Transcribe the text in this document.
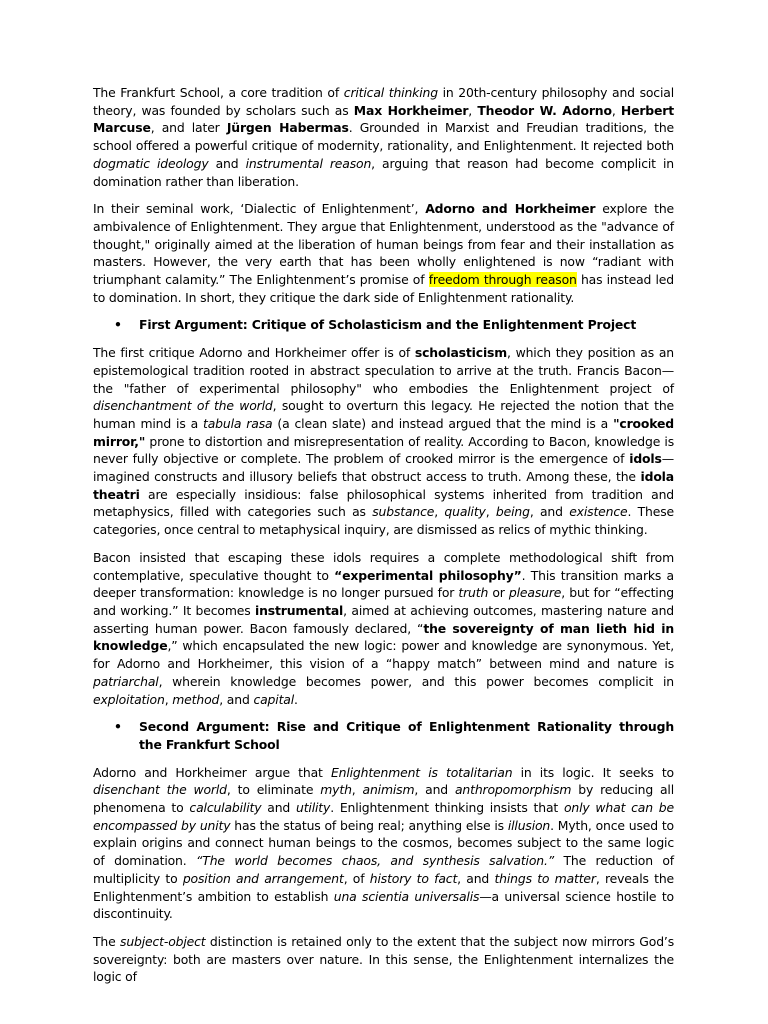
The Frankfurt School, a core tradition of critical thinking in 20th-century philosophy and social theory, was founded by scholars such as Max Horkheimer, Theodor W. Adorno, Herbert Marcuse, and later Jürgen Habermas. Grounded in Marxist and Freudian traditions, the school offered a powerful critique of modernity, rationality, and Enlightenment. It rejected both dogmatic ideology and instrumental reason, arguing that reason had become complicit in domination rather than liberation.

In their seminal work, ‘Dialectic of Enlightenment’, Adorno and Horkheimer explore the ambivalence of Enlightenment. They argue that Enlightenment, understood as the "advance of thought," originally aimed at the liberation of human beings from fear and their installation as masters. However, the very earth that has been wholly enlightened is now “radiant with triumphant calamity.” The Enlightenment’s promise of freedom through reason has instead led to domination. In short, they critique the dark side of Enlightenment rationality.

• First Argument: Critique of Scholasticism and the Enlightenment Project

The first critique Adorno and Horkheimer offer is of scholasticism, which they position as an epistemological tradition rooted in abstract speculation to arrive at the truth. Francis Bacon—the "father of experimental philosophy" who embodies the Enlightenment project of disenchantment of the world, sought to overturn this legacy. He rejected the notion that the human mind is a tabula rasa (a clean slate) and instead argued that the mind is a "crooked mirror," prone to distortion and misrepresentation of reality. According to Bacon, knowledge is never fully objective or complete. The problem of crooked mirror is the emergence of idols—imagined constructs and illusory beliefs that obstruct access to truth. Among these, the idola theatri are especially insidious: false philosophical systems inherited from tradition and metaphysics, filled with categories such as substance, quality, being, and existence. These categories, once central to metaphysical inquiry, are dismissed as relics of mythic thinking.

Bacon insisted that escaping these idols requires a complete methodological shift from contemplative, speculative thought to “experimental philosophy”. This transition marks a deeper transformation: knowledge is no longer pursued for truth or pleasure, but for “effecting and working.” It becomes instrumental, aimed at achieving outcomes, mastering nature and asserting human power. Bacon famously declared, “the sovereignty of man lieth hid in knowledge,” which encapsulated the new logic: power and knowledge are synonymous. Yet, for Adorno and Horkheimer, this vision of a “happy match” between mind and nature is patriarchal, wherein knowledge becomes power, and this power becomes complicit in exploitation, method, and capital.

• Second Argument: Rise and Critique of Enlightenment Rationality through the Frankfurt School

Adorno and Horkheimer argue that Enlightenment is totalitarian in its logic. It seeks to disenchant the world, to eliminate myth, animism, and anthropomorphism by reducing all phenomena to calculability and utility. Enlightenment thinking insists that only what can be encompassed by unity has the status of being real; anything else is illusion. Myth, once used to explain origins and connect human beings to the cosmos, becomes subject to the same logic of domination. “The world becomes chaos, and synthesis salvation.” The reduction of multiplicity to position and arrangement, of history to fact, and things to matter, reveals the Enlightenment’s ambition to establish una scientia universalis—a universal science hostile to discontinuity.

The subject-object distinction is retained only to the extent that the subject now mirrors God’s sovereignty: both are masters over nature. In this sense, the Enlightenment internalizes the logic of
